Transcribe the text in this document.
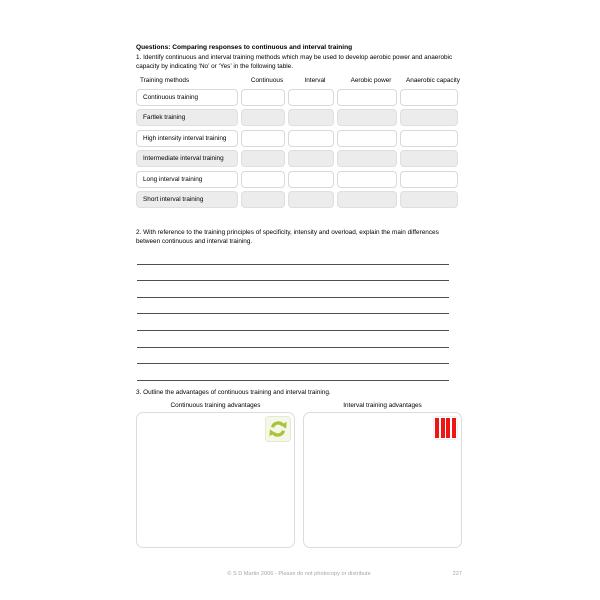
Questions: Comparing responses to continuous and interval training
1. Identify continuous and interval training methods which may be used to develop aerobic power and anaerobic capacity by indicating ‘No’ or ‘Yes’ in the following table.
Training methods	Continuous	Interval	Aerobic power	Anaerobic capacity
Continuous training
Fartlek training
High intensity interval training
Intermediate interval training
Long interval training
Short interval training
2. With reference to the training principles of specificity, intensity and overload, explain the main differences between continuous and interval training.
3. Outline the advantages of continuous training and interval training.
Continuous training advantages	Interval training advantages
© S D Martin 2006 - Please do not photocopy or distribute	227
